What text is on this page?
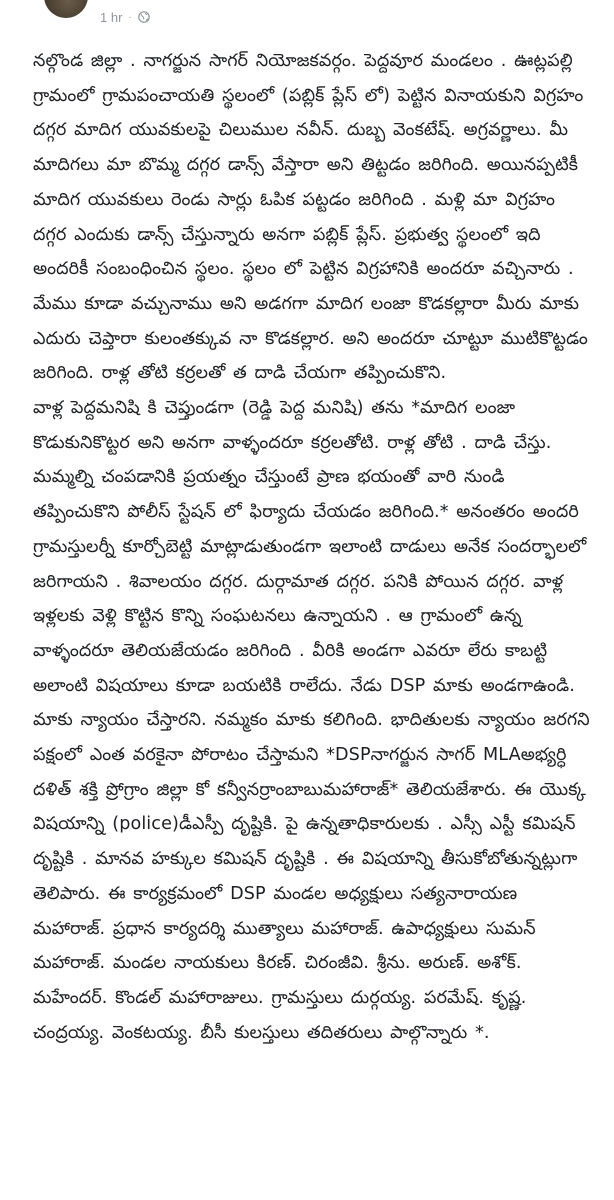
1 hr ·

నల్గొండ జిల్లా . నాగర్జున సాగర్ నియోజకవర్గం. పెద్దవూర మండలం . ఊట్లపల్లి గ్రామంలో గ్రామపంచాయతి స్థలంలో (పబ్లిక్ ప్లేస్ లో) పెట్టిన వినాయకుని విగ్రహం దగ్గర మాదిగ యువకులపై చిలుముల నవీన్. దుబ్బ వెంకటేష్. అగ్రవర్ణాలు. మీ మాదిగలు మా బొమ్మ దగ్గర డాన్స్ వేస్తారా అని తిట్టడం జరిగింది. అయినప్పటికీ మాదిగ యువకులు రెండు సార్లు ఓపిక పట్టడం జరిగింది . మళ్లి మా విగ్రహం దగ్గర ఎందుకు డాన్స్ చేస్తున్నారు అనగా పబ్లిక్ ప్లేస్. ప్రభుత్వ స్థలంలో ఇది అందరికీ సంబంధించిన స్థలం. స్థలం లో పెట్టిన విగ్రహానికి అందరూ వచ్చినారు . మేము కూడా వచ్చునాము అని అడగగా మాదిగ లంజా కొడకల్లారా మీరు మాకు ఎదురు చెప్తారా కులంతక్కువ నా కొడకల్లార. అని అందరూ చూట్టూ ముటికొట్టడం జరిగింది. రాళ్ల తోటి కర్రలతో త దాడి చేయగా తప్పించుకొని.

వాళ్ల పెద్దమనిషి కి చెప్తుండగా (రెడ్డి పెద్ద మనిషి) తను *మాదిగ లంజా కొడుకునికొట్టర అని అనగా వాళ్ళందరూ కర్రలతోటి. రాళ్ల తోటి . దాడి చేస్తు. మమ్మల్ని చంపడానికి ప్రయత్నం చేస్తుంటే ప్రాణ భయంతో వారి నుండి తప్పించుకొని పోలీస్ స్టేషన్ లో ఫిర్యాదు చేయడం జరిగింది.* అనంతరం అందరి గ్రామస్తులర్నీ కూర్చోబెట్టి మాట్లాడుతుండగా ఇలాంటి దాడులు అనేక సందర్భాలలో జరిగాయని . శివాలయం దగ్గర. దుర్గామాత దగ్గర. పనికి పోయిన దగ్గర. వాళ్ల ఇళ్లలకు వెళ్లి కొట్టిన కొన్ని సంఘటనలు ఉన్నాయని . ఆ గ్రామంలో ఉన్న వాళ్ళందరూ తెలియజేయడం జరిగింది . వీరికి అండగా ఎవరూ లేరు కాబట్టి అలాంటి విషయాలు కూడా బయటికి రాలేదు. నేడు DSP మాకు అండగాఉండి. మాకు న్యాయం చేస్తారని. నమ్మకం మాకు కలిగింది. భాదితులకు న్యాయం జరగని పక్షంలో ఎంత వరకైనా పోరాటం చేస్తామని *DSPనాగర్జున సాగర్ MLAఅభ్యర్ధి దళిత్ శక్తి ప్రోగ్రాం జిల్లా కో కన్వీనర్రాంబాబుమహారాజ్* తెలియజేశారు. ఈ యొక్క విషయాన్ని (police)డీఎస్పీ దృష్టికి. పై ఉన్నతాధికారులకు . ఎస్సీ ఎస్టీ కమిషన్ దృష్టికి . మానవ హక్కుల కమిషన్ దృష్టికి . ఈ విషయాన్ని తీసుకోబోతున్నట్లుగా తెలిపారు. ఈ కార్యక్రమంలో DSP మండల అధ్యక్షులు సత్యనారాయణ మహారాజ్. ప్రధాన కార్యదర్శి ముత్యాలు మహారాజ్. ఉపాధ్యక్షులు సుమన్ మహారాజ్. మండల నాయకులు కిరణ్. చిరంజీవి. శ్రీను. అరుణ్. అశోక్. మహేందర్. కొండల్ మహారాజులు. గ్రామస్తులు దుర్గయ్య. పరమేష్. కృష్ణ. చంద్రయ్య. వెంకటయ్య. బీసీ కులస్తులు తదితరులు పాల్గొన్నారు *.
